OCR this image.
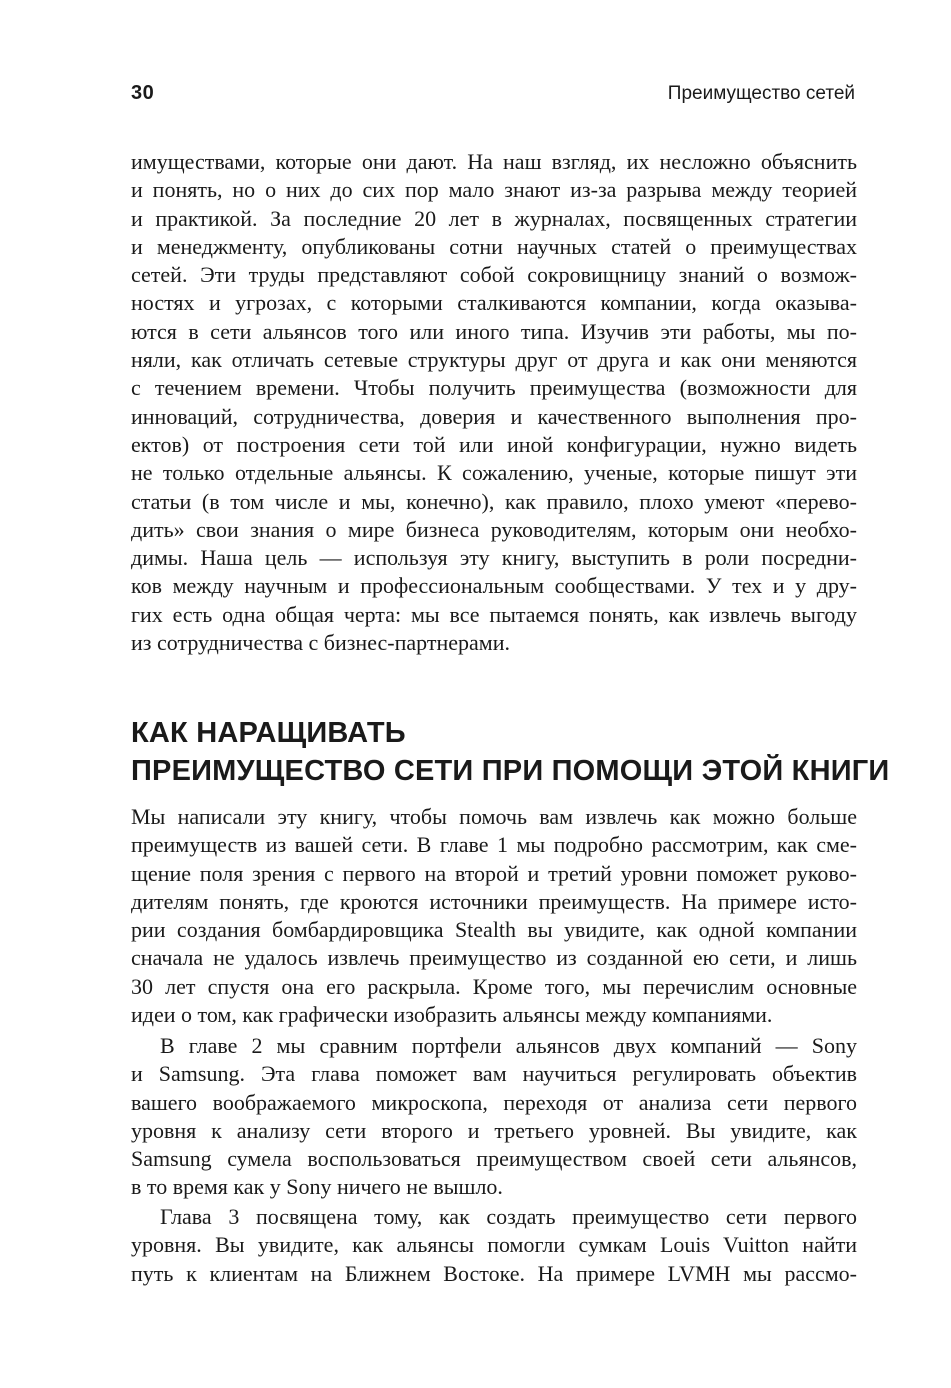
30	Преимущество сетей
имуществами, которые они дают. На наш взгляд, их несложно объяснить
и понять, но о них до сих пор мало знают из-за разрыва между теорией
и практикой. За последние 20 лет в журналах, посвященных стратегии
и менеджменту, опубликованы сотни научных статей о преимуществах
сетей. Эти труды представляют собой сокровищницу знаний о возмож-
ностях и угрозах, с которыми сталкиваются компании, когда оказыва-
ются в сети альянсов того или иного типа. Изучив эти работы, мы по-
няли, как отличать сетевые структуры друг от друга и как они меняются
с течением времени. Чтобы получить преимущества (возможности для
инноваций, сотрудничества, доверия и качественного выполнения про-
ектов) от построения сети той или иной конфигурации, нужно видеть
не только отдельные альянсы. К сожалению, ученые, которые пишут эти
статьи (в том числе и мы, конечно), как правило, плохо умеют «перево-
дить» свои знания о мире бизнеса руководителям, которым они необхо-
димы. Наша цель — используя эту книгу, выступить в роли посредни-
ков между научным и профессиональным сообществами. У тех и у дру-
гих есть одна общая черта: мы все пытаемся понять, как извлечь выгоду
из сотрудничества с бизнес-партнерами.
КАК НАРАЩИВАТЬ
ПРЕИМУЩЕСТВО СЕТИ ПРИ ПОМОЩИ ЭТОЙ КНИГИ
Мы написали эту книгу, чтобы помочь вам извлечь как можно больше
преимуществ из вашей сети. В главе 1 мы подробно рассмотрим, как сме-
щение поля зрения с первого на второй и третий уровни поможет руково-
дителям понять, где кроются источники преимуществ. На примере исто-
рии создания бомбардировщика Stealth вы увидите, как одной компании
сначала не удалось извлечь преимущество из созданной ею сети, и лишь
30 лет спустя она его раскрыла. Кроме того, мы перечислим основные
идеи о том, как графически изобразить альянсы между компаниями.
В главе 2 мы сравним портфели альянсов двух компаний — Sony
и Samsung. Эта глава поможет вам научиться регулировать объектив
вашего воображаемого микроскопа, переходя от анализа сети первого
уровня к анализу сети второго и третьего уровней. Вы увидите, как
Samsung сумела воспользоваться преимуществом своей сети альянсов,
в то время как у Sony ничего не вышло.
Глава 3 посвящена тому, как создать преимущество сети первого
уровня. Вы увидите, как альянсы помогли сумкам Louis Vuitton найти
путь к клиентам на Ближнем Востоке. На примере LVMH мы рассмо-
